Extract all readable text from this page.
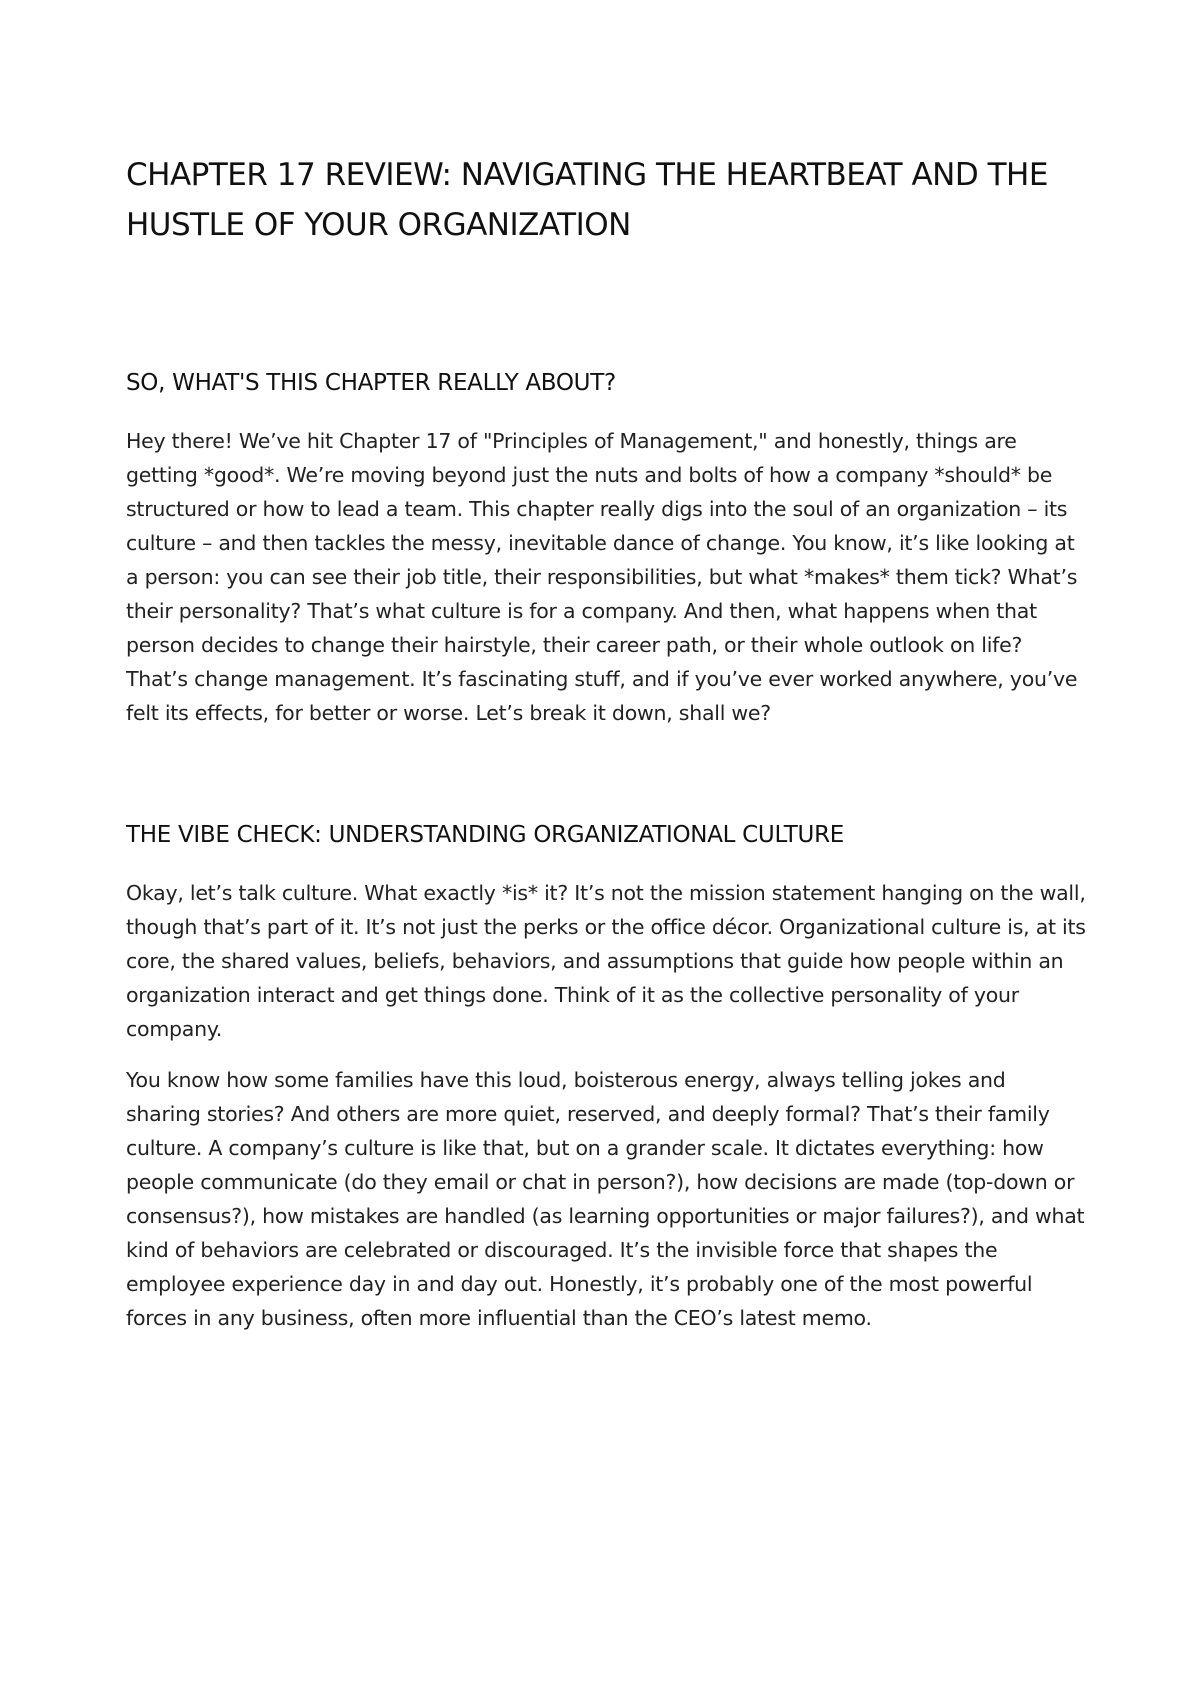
CHAPTER 17 REVIEW: NAVIGATING THE HEARTBEAT AND THE HUSTLE OF YOUR ORGANIZATION
SO, WHAT'S THIS CHAPTER REALLY ABOUT?

Hey there! We’ve hit Chapter 17 of "Principles of Management," and honestly, things are getting *good*. We’re moving beyond just the nuts and bolts of how a company *should* be structured or how to lead a team. This chapter really digs into the soul of an organization – its culture – and then tackles the messy, inevitable dance of change. You know, it’s like looking at a person: you can see their job title, their responsibilities, but what *makes* them tick? What’s their personality? That’s what culture is for a company. And then, what happens when that person decides to change their hairstyle, their career path, or their whole outlook on life? That’s change management. It’s fascinating stuff, and if you’ve ever worked anywhere, you’ve felt its effects, for better or worse. Let’s break it down, shall we?

THE VIBE CHECK: UNDERSTANDING ORGANIZATIONAL CULTURE

Okay, let’s talk culture. What exactly *is* it? It’s not the mission statement hanging on the wall, though that’s part of it. It’s not just the perks or the office décor. Organizational culture is, at its core, the shared values, beliefs, behaviors, and assumptions that guide how people within an organization interact and get things done. Think of it as the collective personality of your company.

You know how some families have this loud, boisterous energy, always telling jokes and sharing stories? And others are more quiet, reserved, and deeply formal? That’s their family culture. A company’s culture is like that, but on a grander scale. It dictates everything: how people communicate (do they email or chat in person?), how decisions are made (top-down or consensus?), how mistakes are handled (as learning opportunities or major failures?), and what kind of behaviors are celebrated or discouraged. It’s the invisible force that shapes the employee experience day in and day out. Honestly, it’s probably one of the most powerful forces in any business, often more influential than the CEO’s latest memo.
